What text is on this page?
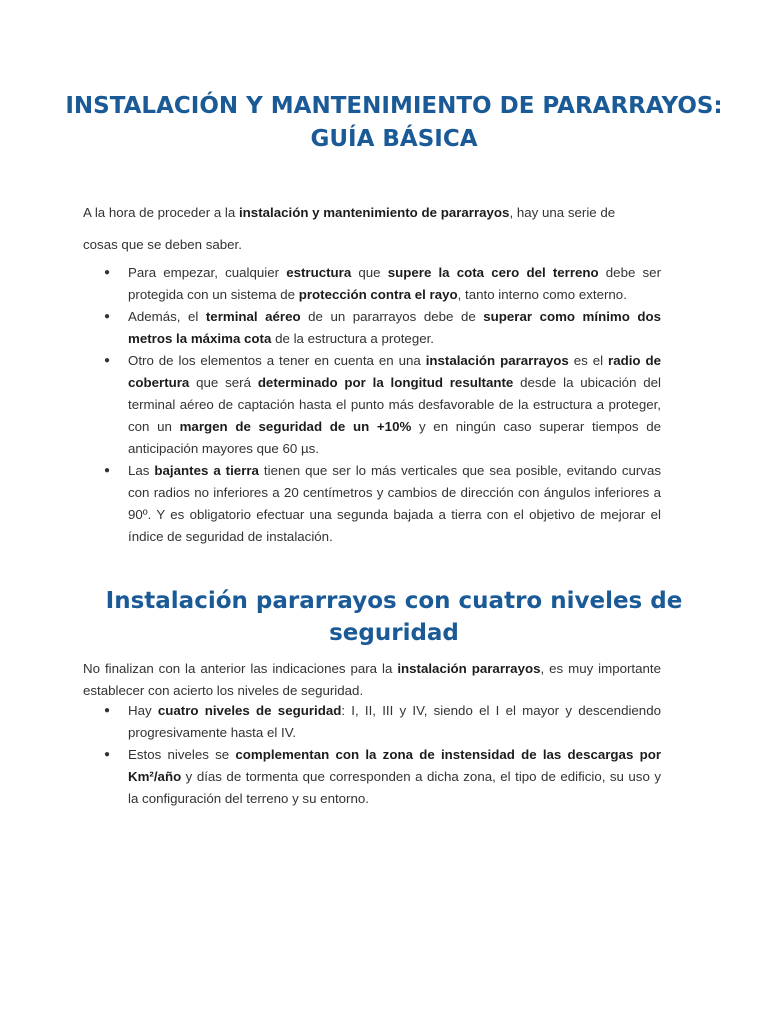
INSTALACIÓN Y MANTENIMIENTO DE PARARRAYOS: GUÍA BÁSICA

A la hora de proceder a la instalación y mantenimiento de pararrayos, hay una serie de

cosas que se deben saber.

● Para empezar, cualquier estructura que supere la cota cero del terreno debe ser protegida con un sistema de protección contra el rayo, tanto interno como externo.
● Además, el terminal aéreo de un pararrayos debe de superar como mínimo dos metros la máxima cota de la estructura a proteger.
● Otro de los elementos a tener en cuenta en una instalación pararrayos es el radio de cobertura que será determinado por la longitud resultante desde la ubicación del terminal aéreo de captación hasta el punto más desfavorable de la estructura a proteger, con un margen de seguridad de un +10% y en ningún caso superar tiempos de anticipación mayores que 60 µs.
● Las bajantes a tierra tienen que ser lo más verticales que sea posible, evitando curvas con radios no inferiores a 20 centímetros y cambios de dirección con ángulos inferiores a 90º. Y es obligatorio efectuar una segunda bajada a tierra con el objetivo de mejorar el índice de seguridad de instalación.
Instalación pararrayos con cuatro niveles de seguridad

No finalizan con la anterior las indicaciones para la instalación pararrayos, es muy importante establecer con acierto los niveles de seguridad.

● Hay cuatro niveles de seguridad: I, II, III y IV, siendo el I el mayor y descendiendo progresivamente hasta el IV.
● Estos niveles se complementan con la zona de instensidad de las descargas por Km²/año y días de tormenta que corresponden a dicha zona, el tipo de edificio, su uso y la configuración del terreno y su entorno.
